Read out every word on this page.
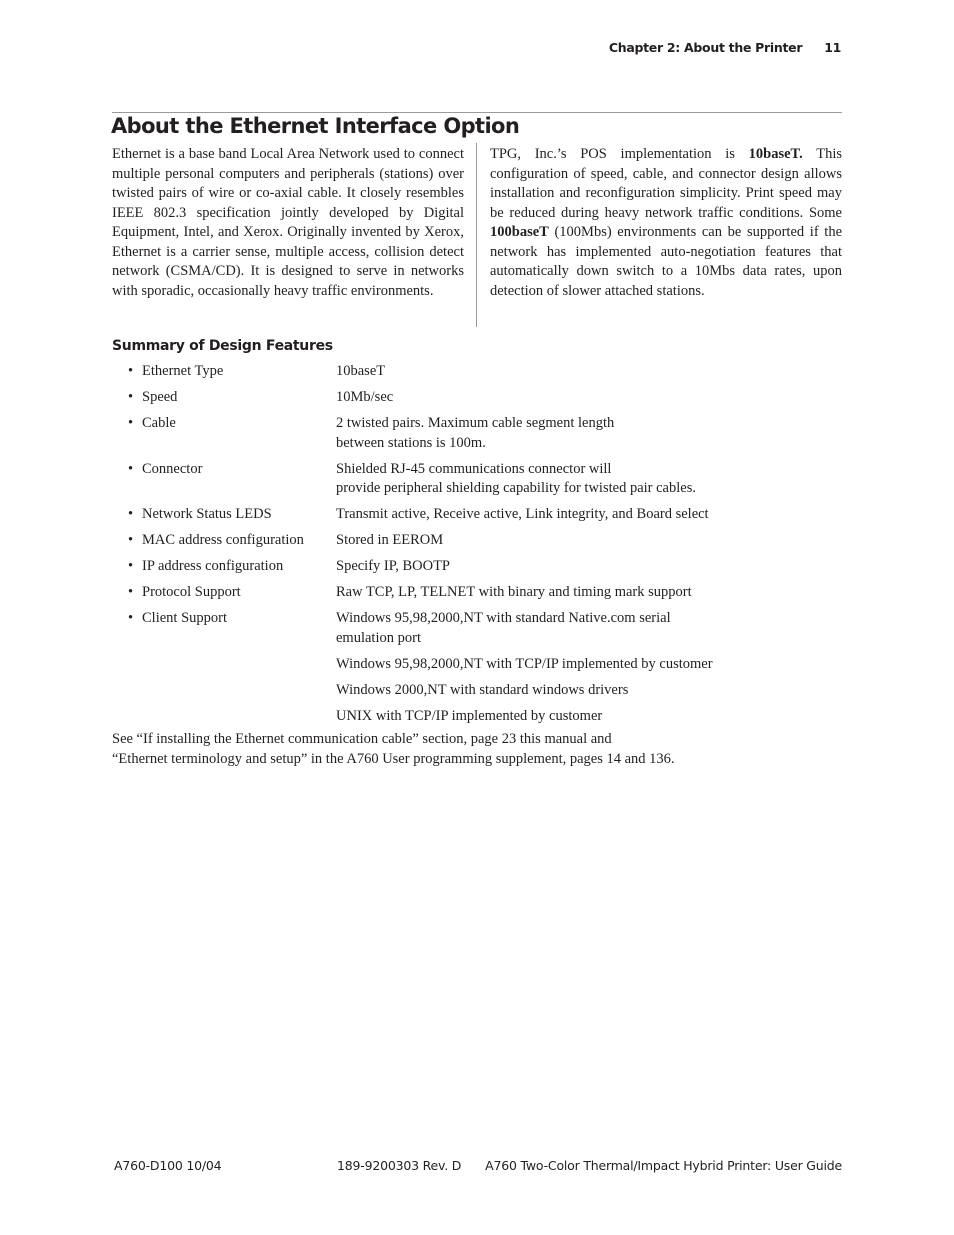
Chapter 2: About the Printer 11
About the Ethernet Interface Option

Ethernet is a base band Local Area Network used to connect multiple personal computers and peripherals (stations) over twisted pairs of wire or co-axial cable. It closely resembles IEEE 802.3 specification jointly developed by Digital Equipment, Intel, and Xerox. Originally invented by Xerox, Ethernet is a carrier sense, multiple access, collision detect network (CSMA/CD). It is designed to serve in networks with sporadic, occasionally heavy traffic environments.

TPG, Inc.’s POS implementation is 10baseT. This configuration of speed, cable, and connector design allows installation and reconfiguration simplicity. Print speed may be reduced during heavy network traffic conditions. Some 100baseT (100Mbs) environments can be supported if the network has implemented auto-negotiation features that automatically down switch to a 10Mbs data rates, upon detection of slower attached stations.

Summary of Design Features
• Ethernet Type	10baseT
• Speed	10Mb/sec
• Cable	2 twisted pairs. Maximum cable segment length
between stations is 100m.
• Connector	Shielded RJ-45 communications connector will
provide peripheral shielding capability for twisted pair cables.
• Network Status LEDS	Transmit active, Receive active, Link integrity, and Board select
• MAC address configuration	Stored in EEROM
• IP address configuration	Specify IP, BOOTP
• Protocol Support	Raw TCP, LP, TELNET with binary and timing mark support
• Client Support	Windows 95,98,2000,NT with standard Native.com serial
emulation port
Windows 95,98,2000,NT with TCP/IP implemented by customer
Windows 2000,NT with standard windows drivers
UNIX with TCP/IP implemented by customer
See “If installing the Ethernet communication cable” section, page 23 this manual and
“Ethernet terminology and setup” in the A760 User programming supplement, pages 14 and 136.
A760-D100 10/04	189-9200303 Rev. D A760 Two-Color Thermal/Impact Hybrid Printer: User Guide
